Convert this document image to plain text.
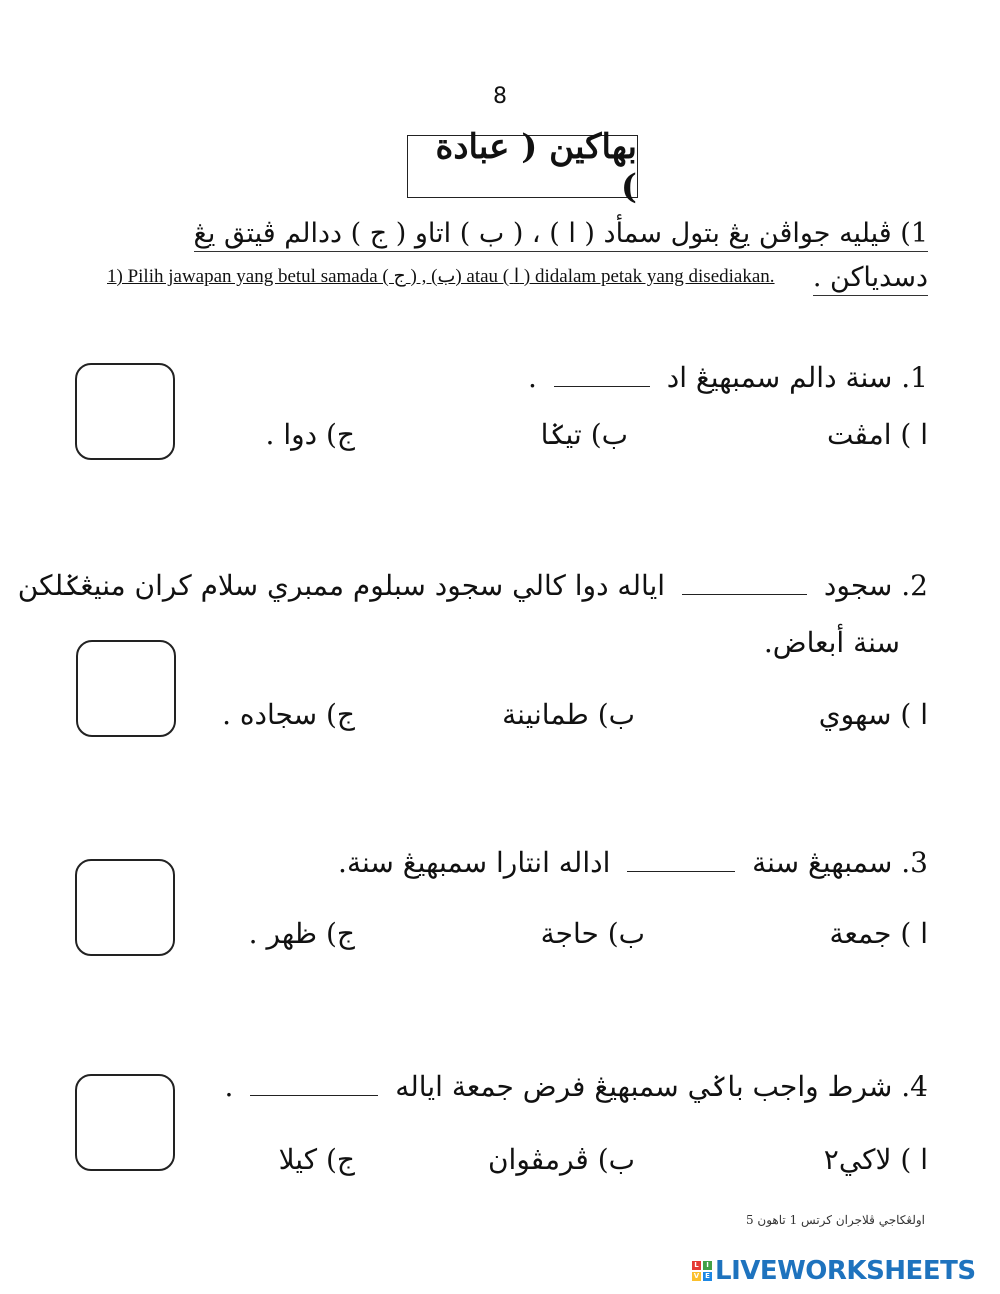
8
بهاكين ( عبادة )
1) ڤيليه جواڤن يڠ بتول سمأد ( ا ) ، ( ب ) اتاو ( ج ) ددالم ڤيتق يڠ دسدياكن .
1) Pilih jawapan yang betul samada ( ج ) , (ب) atau ( ا ) didalam petak yang disediakan.
1. سنة دالم سمبهيڠ اد  .
ا ) امڤت
ب) تيݢا
ج) دوا .
2. سجود  اياله دوا كالي سجود سبلوم ممبري سلام كران منيڠݢلكن
سنة أبعاض.
ا ) سهوي
ب) طمانينة
ج) سجاده .
3. سمبهيڠ سنة  اداله انتارا سمبهيڠ سنة.
ا ) جمعة
ب) حاجة
ج) ظهر .
4. شرط واجب باݢي سمبهيڠ فرض جمعة اياله  .
ا ) لاكي٢
ب) ڤرمڤوان
ج) كيلا
اولڠكاجي ڤلاجران كرتس 1 تاهون 5
L	I
V E LIVEWORKSHEETS
